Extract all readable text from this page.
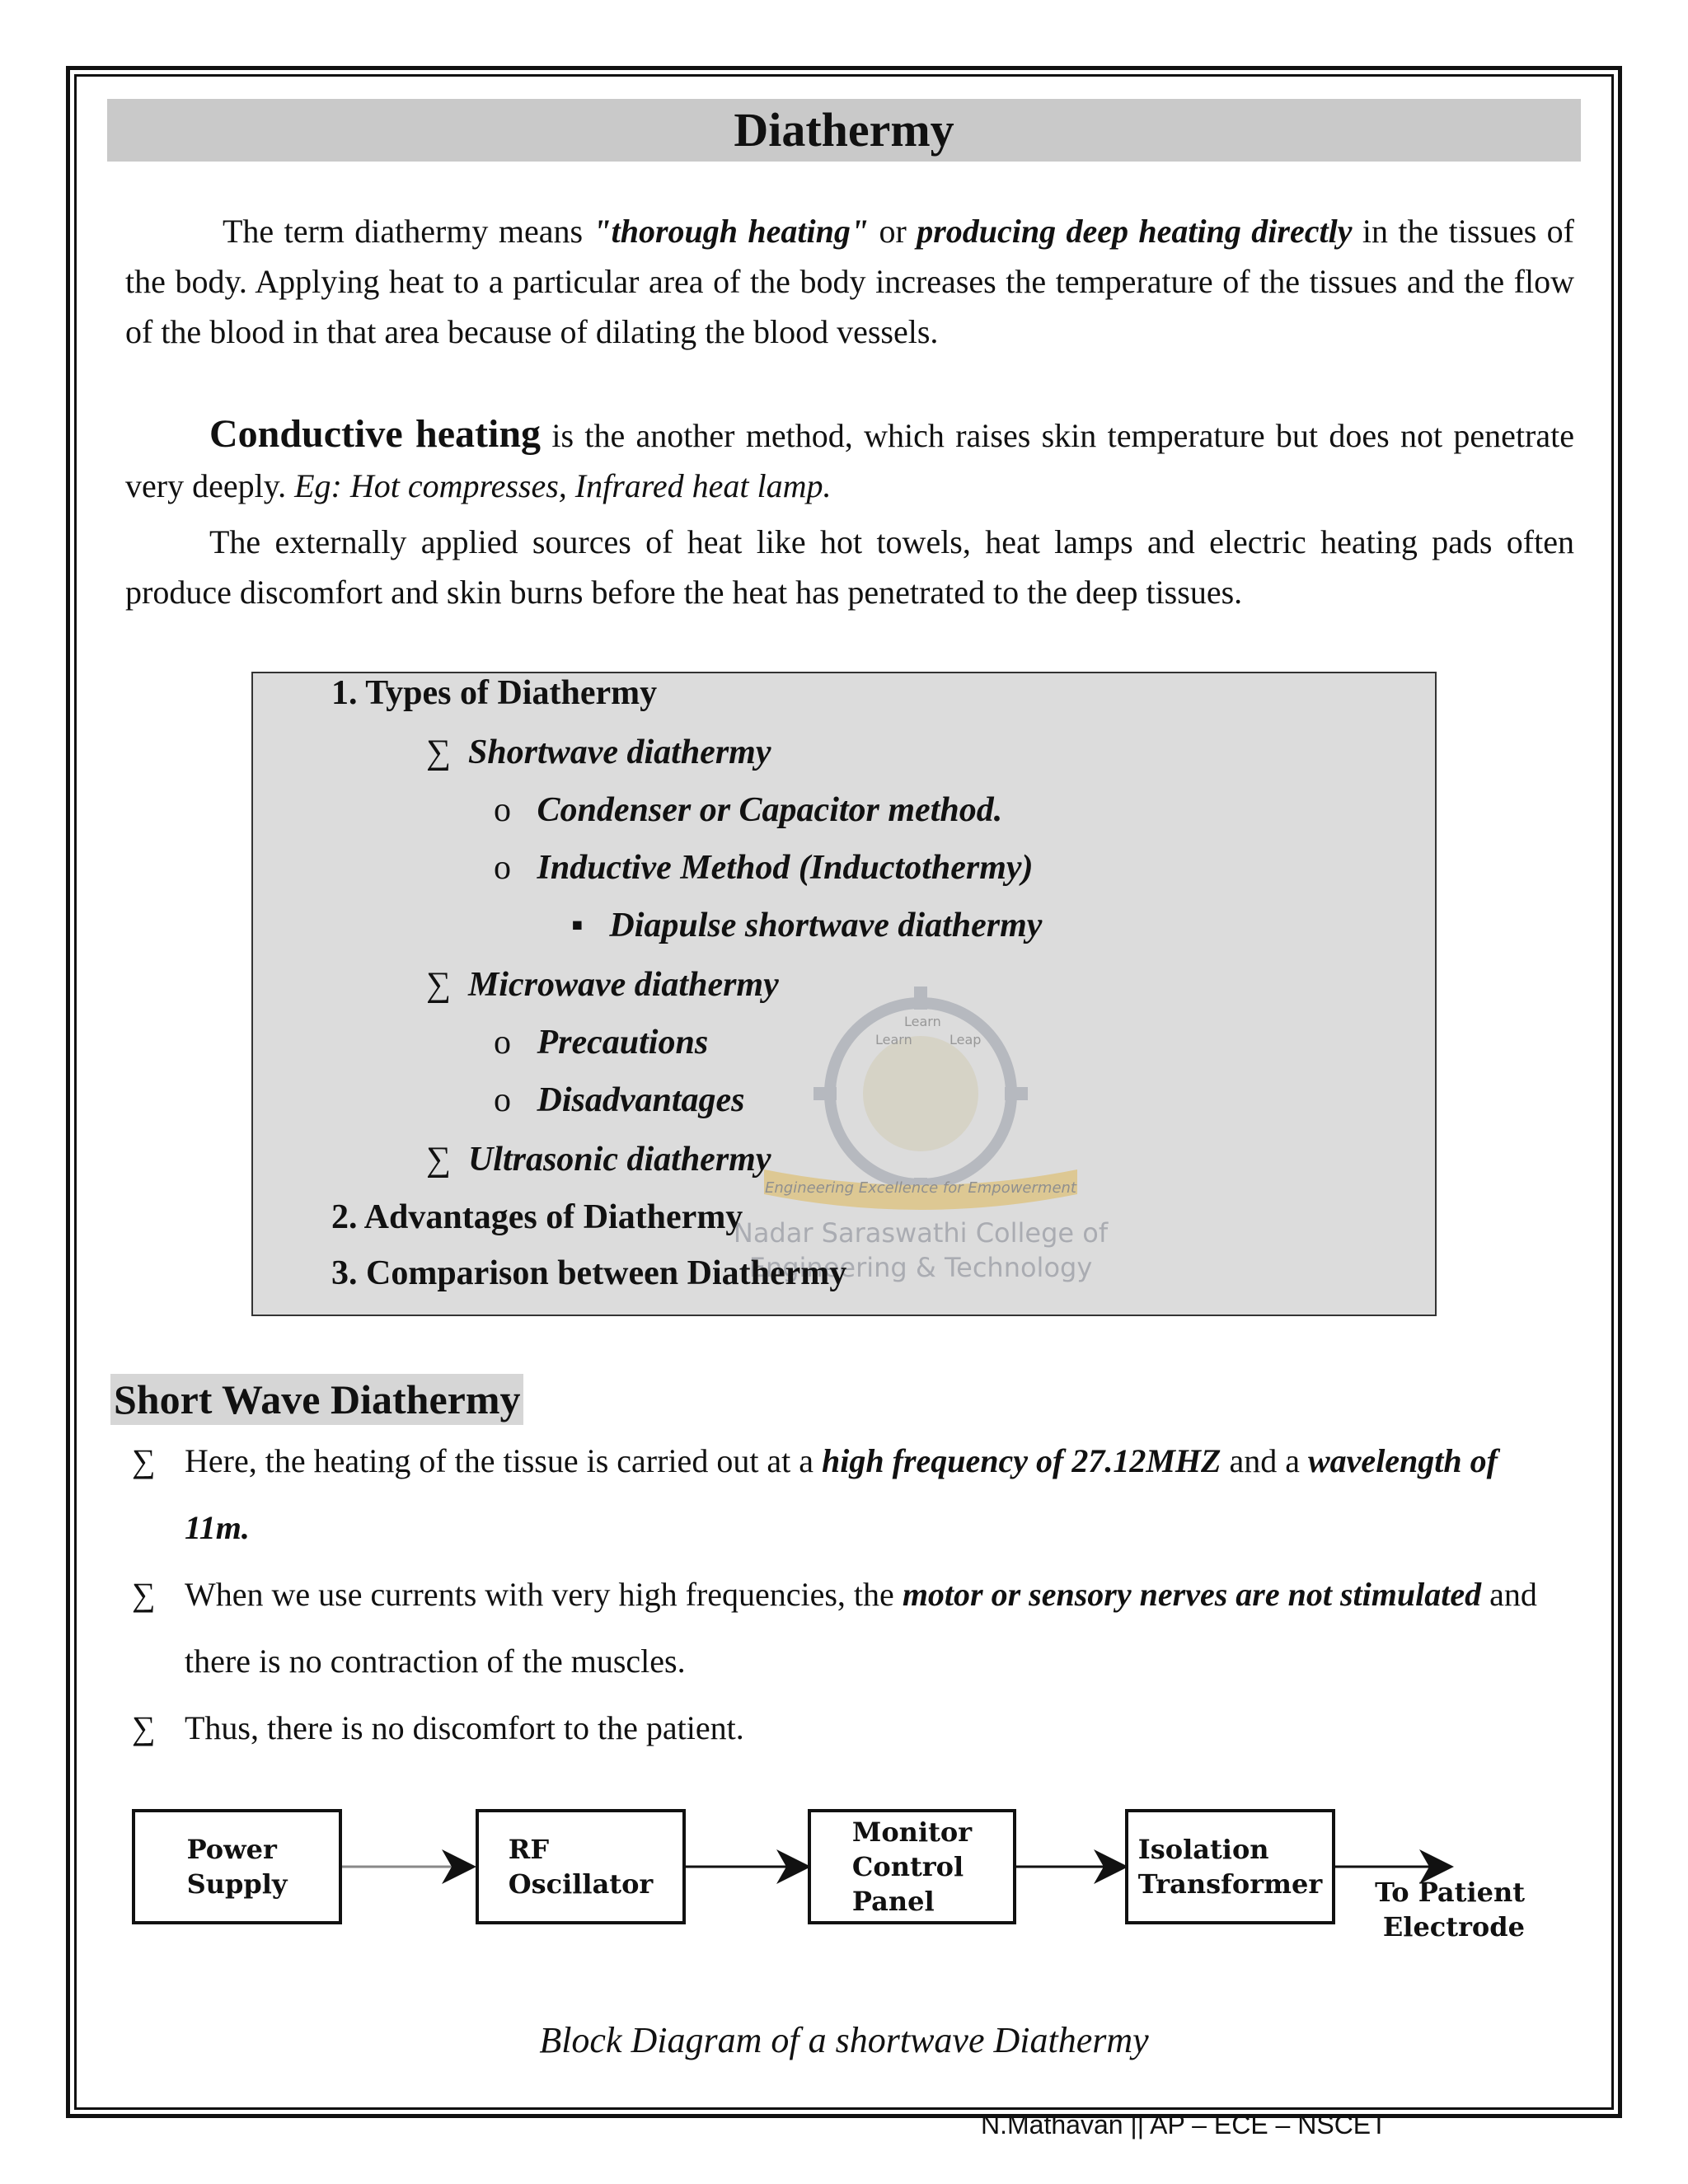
Diathermy

The term diathermy means "thorough heating" or producing deep heating directly in the tissues of the body. Applying heat to a particular area of the body increases the temperature of the tissues and the flow of the blood in that area because of dilating the blood vessels.

Conductive heating is the another method, which raises skin temperature but does not penetrate very deeply. Eg: Hot compresses, Infrared heat lamp.

The externally applied sources of heat like hot towels, heat lamps and electric heating pads often produce discomfort and skin burns before the heat has penetrated to the deep tissues.

Learn
Learn
Leap
Engineering Excellence for Empowerment
Nadar Saraswathi College of
Engineering & Technology
1. Types of Diathermy
∑ Shortwave diathermy
o Condenser or Capacitor method.
o Inductive Method (Inductothermy)
▪ Diapulse shortwave diathermy
∑ Microwave diathermy
o Precautions
o Disadvantages
∑ Ultrasonic diathermy
2. Advantages of Diathermy
3. Comparison between Diathermy
Short Wave Diathermy
∑ Here, the heating of the tissue is carried out at a high frequency of 27.12MHZ and a wavelength of 11m.
∑ When we use currents with very high frequencies, the motor or sensory nerves are not stimulated and there is no contraction of the muscles.
∑ Thus, there is no discomfort to the patient.
Power
Supply
RF
Oscillator
Monitor
Control
Panel
Isolation
Transformer	To Patient
Electrode
Block Diagram of a shortwave Diathermy
N.Mathavan || AP – ECE – NSCET
